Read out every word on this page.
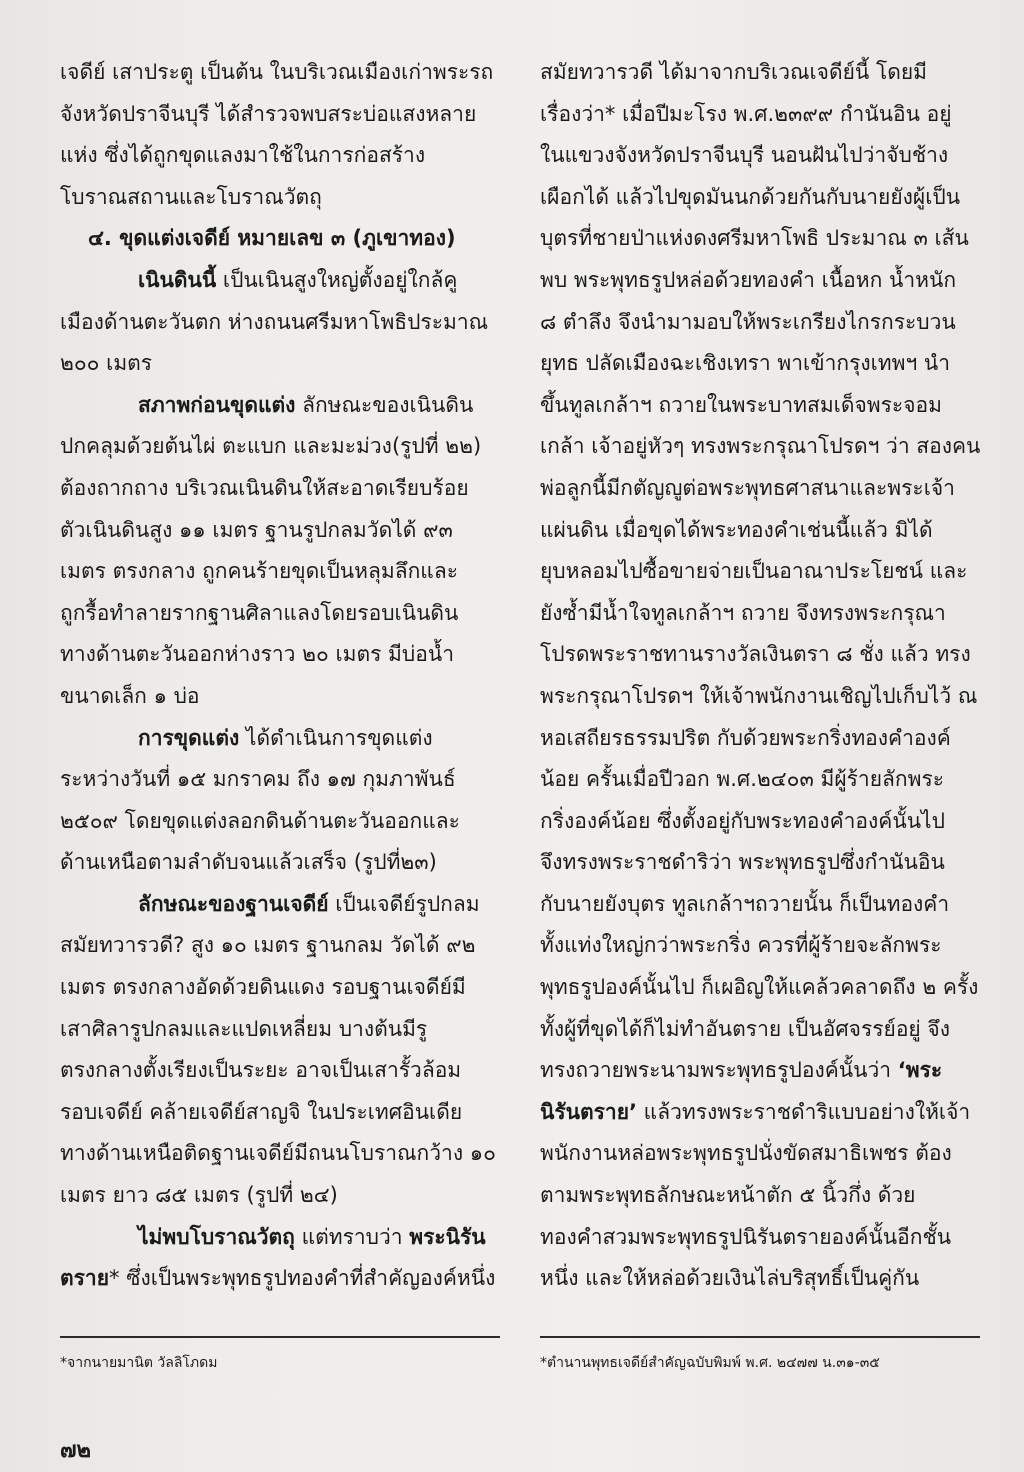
เจดีย์ เสาประตู เป็นต้น ในบริเวณเมืองเก่าพระรถ
จังหวัดปราจีนบุรี ได้สำรวจพบสระบ่อแสงหลาย
แห่ง ซึ่งได้ถูกขุดแลงมาใช้ในการก่อสร้าง
โบราณสถานและโบราณวัตถุ
๔. ขุดแต่งเจดีย์ หมายเลข ๓ (ภูเขาทอง)
เนินดินนี้ เป็นเนินสูงใหญ่ตั้งอยู่ใกล้คู
เมืองด้านตะวันตก ห่างถนนศรีมหาโพธิประมาณ
๒๐๐ เมตร
สภาพก่อนขุดแต่ง ลักษณะของเนินดิน
ปกคลุมด้วยต้นไผ่ ตะแบก และมะม่วง(รูปที่ ๒๒)
ต้องถากถาง บริเวณเนินดินให้สะอาดเรียบร้อย
ตัวเนินดินสูง ๑๑ เมตร ฐานรูปกลมวัดได้ ๙๓
เมตร ตรงกลาง ถูกคนร้ายขุดเป็นหลุมลึกและ
ถูกรื้อทำลายรากฐานศิลาแลงโดยรอบเนินดิน
ทางด้านตะวันออกห่างราว ๒๐ เมตร มีบ่อน้ำ
ขนาดเล็ก ๑ บ่อ
การขุดแต่ง ได้ดำเนินการขุดแต่ง
ระหว่างวันที่ ๑๕ มกราคม ถึง ๑๗ กุมภาพันธ์
๒๕๐๙ โดยขุดแต่งลอกดินด้านตะวันออกและ
ด้านเหนือตามลำดับจนแล้วเสร็จ (รูปที่๒๓)
ลักษณะของฐานเจดีย์ เป็นเจดีย์รูปกลม
สมัยทวารวดี? สูง ๑๐ เมตร ฐานกลม วัดได้ ๙๒
เมตร ตรงกลางอัดด้วยดินแดง รอบฐานเจดีย์มี
เสาศิลารูปกลมและแปดเหลี่ยม บางต้นมีรู
ตรงกลางตั้งเรียงเป็นระยะ อาจเป็นเสารั้วล้อม
รอบเจดีย์ คล้ายเจดีย์สาญจิ ในประเทศอินเดีย
ทางด้านเหนือติดฐานเจดีย์มีถนนโบราณกว้าง ๑๐
เมตร ยาว ๘๕ เมตร (รูปที่ ๒๔)
ไม่พบโบราณวัตถุ แต่ทราบว่า พระนิรัน
ตราย* ซึ่งเป็นพระพุทธรูปทองคำที่สำคัญองค์หนึ่ง
สมัยทวารวดี ได้มาจากบริเวณเจดีย์นี้ โดยมี
เรื่องว่า* เมื่อปีมะโรง พ.ศ.๒๓๙๙ กำนันอิน อยู่
ในแขวงจังหวัดปราจีนบุรี นอนฝันไปว่าจับช้าง
เผือกได้ แล้วไปขุดมันนกด้วยกันกับนายยังผู้เป็น
บุตรที่ชายป่าแห่งดงศรีมหาโพธิ ประมาณ ๓ เส้น
พบ พระพุทธรูปหล่อด้วยทองคำ เนื้อหก น้ำหนัก
๘ ตำลึง จึงนำมามอบให้พระเกรียงไกรกระบวน
ยุทธ ปลัดเมืองฉะเชิงเทรา พาเข้ากรุงเทพฯ นำ
ขึ้นทูลเกล้าฯ ถวายในพระบาทสมเด็จพระจอม
เกล้า เจ้าอยู่หัวๆ ทรงพระกรุณาโปรดฯ ว่า สองคน
พ่อลูกนี้มีกตัญญูต่อพระพุทธศาสนาและพระเจ้า
แผ่นดิน เมื่อขุดได้พระทองคำเช่นนี้แล้ว มิได้
ยุบหลอมไปซื้อขายจ่ายเป็นอาณาประโยชน์ และ
ยังซ้ำมีน้ำใจทูลเกล้าฯ ถวาย จึงทรงพระกรุณา
โปรดพระราชทานรางวัลเงินตรา ๘ ชั่ง แล้ว ทรง
พระกรุณาโปรดฯ ให้เจ้าพนักงานเชิญไปเก็บไว้ ณ
หอเสถียรธรรมปริต กับด้วยพระกริ่งทองคำองค์
น้อย ครั้นเมื่อปีวอก พ.ศ.๒๔๐๓ มีผู้ร้ายลักพระ
กริ่งองค์น้อย ซึ่งตั้งอยู่กับพระทองคำองค์นั้นไป
จึงทรงพระราชดำริว่า พระพุทธรูปซึ่งกำนันอิน
กับนายยังบุตร ทูลเกล้าฯถวายนั้น ก็เป็นทองคำ
ทั้งแท่งใหญ่กว่าพระกริ่ง ควรที่ผู้ร้ายจะลักพระ
พุทธรูปองค์นั้นไป ก็เผอิญให้แคล้วคลาดถึง ๒ ครั้ง
ทั้งผู้ที่ขุดได้ก็ไม่ทำอันตราย เป็นอัศจรรย์อยู่ จึง
ทรงถวายพระนามพระพุทธรูปองค์นั้นว่า ‘พระ
นิรันตราย’ แล้วทรงพระราชดำริแบบอย่างให้เจ้า
พนักงานหล่อพระพุทธรูปนั่งขัดสมาธิเพชร ต้อง
ตามพระพุทธลักษณะหน้าตัก ๕ นิ้วกึ่ง ด้วย
ทองคำสวมพระพุทธรูปนิรันตรายองค์นั้นอีกชั้น
หนึ่ง และให้หล่อด้วยเงินไล่บริสุทธิ์เป็นคู่กัน
*จากนายมานิต วัลลิโภดม	*ตำนานพุทธเจดีย์สำคัญฉบับพิมพ์ พ.ศ. ๒๔๗๗ น.๓๑-๓๕
๗๒
